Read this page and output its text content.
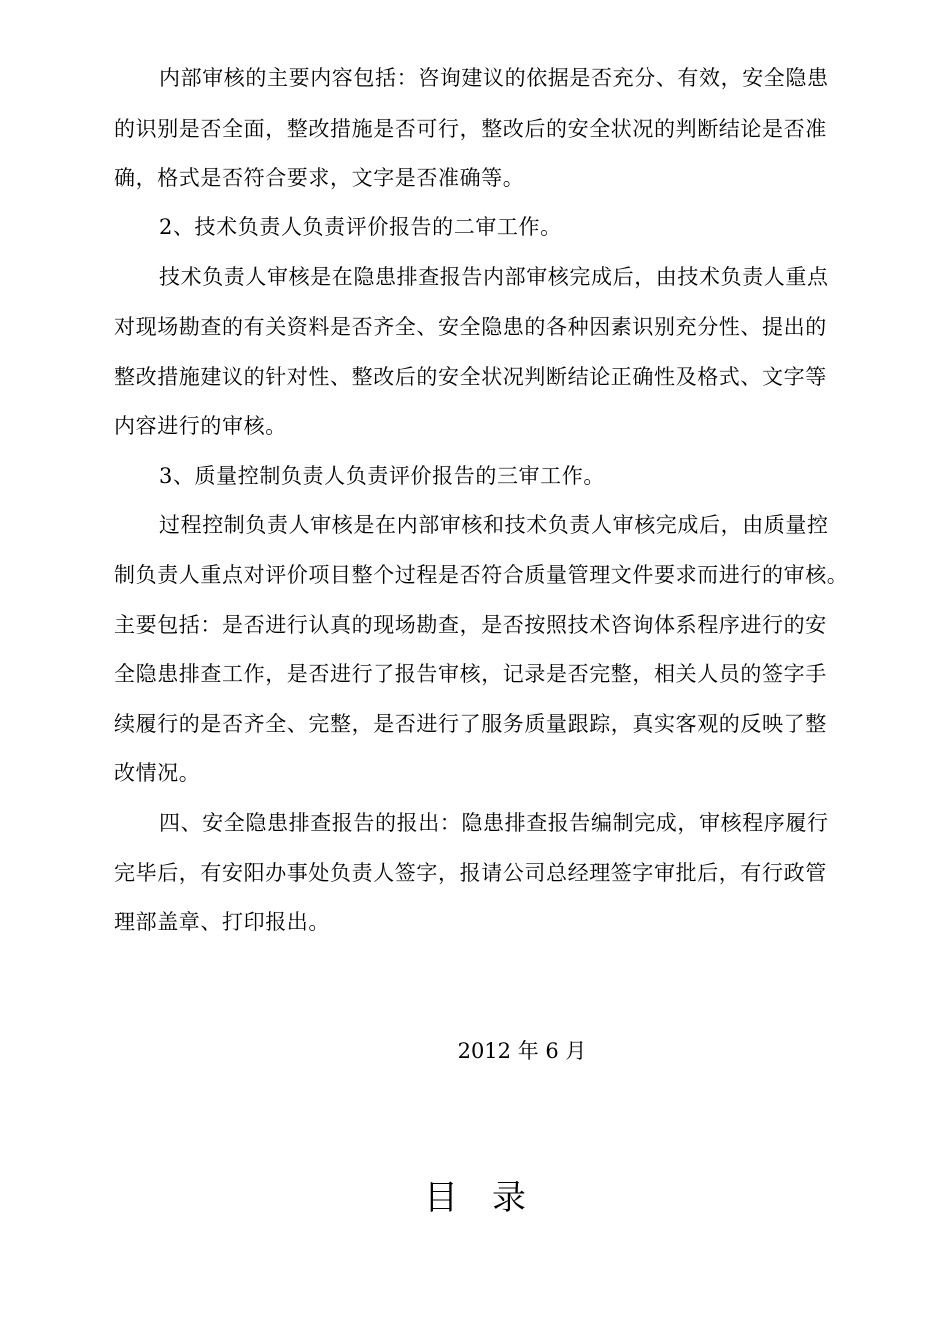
内部审核的主要内容包括：咨询建议的依据是否充分、有效，安全隐患
的识别是否全面，整改措施是否可行，整改后的安全状况的判断结论是否准
确，格式是否符合要求，文字是否准确等。
2、技术负责人负责评价报告的二审工作。
技术负责人审核是在隐患排查报告内部审核完成后，由技术负责人重点
对现场勘查的有关资料是否齐全、安全隐患的各种因素识别充分性、提出的
整改措施建议的针对性、整改后的安全状况判断结论正确性及格式、文字等
内容进行的审核。
3、质量控制负责人负责评价报告的三审工作。
过程控制负责人审核是在内部审核和技术负责人审核完成后，由质量控
制负责人重点对评价项目整个过程是否符合质量管理文件要求而进行的审核。
主要包括：是否进行认真的现场勘查，是否按照技术咨询体系程序进行的安
全隐患排查工作，是否进行了报告审核，记录是否完整，相关人员的签字手
续履行的是否齐全、完整，是否进行了服务质量跟踪，真实客观的反映了整
改情况。
四、安全隐患排查报告的报出：隐患排查报告编制完成，审核程序履行
完毕后，有安阳办事处负责人签字，报请公司总经理签字审批后，有行政管
理部盖章、打印报出。
2012 年 6 月
目录
